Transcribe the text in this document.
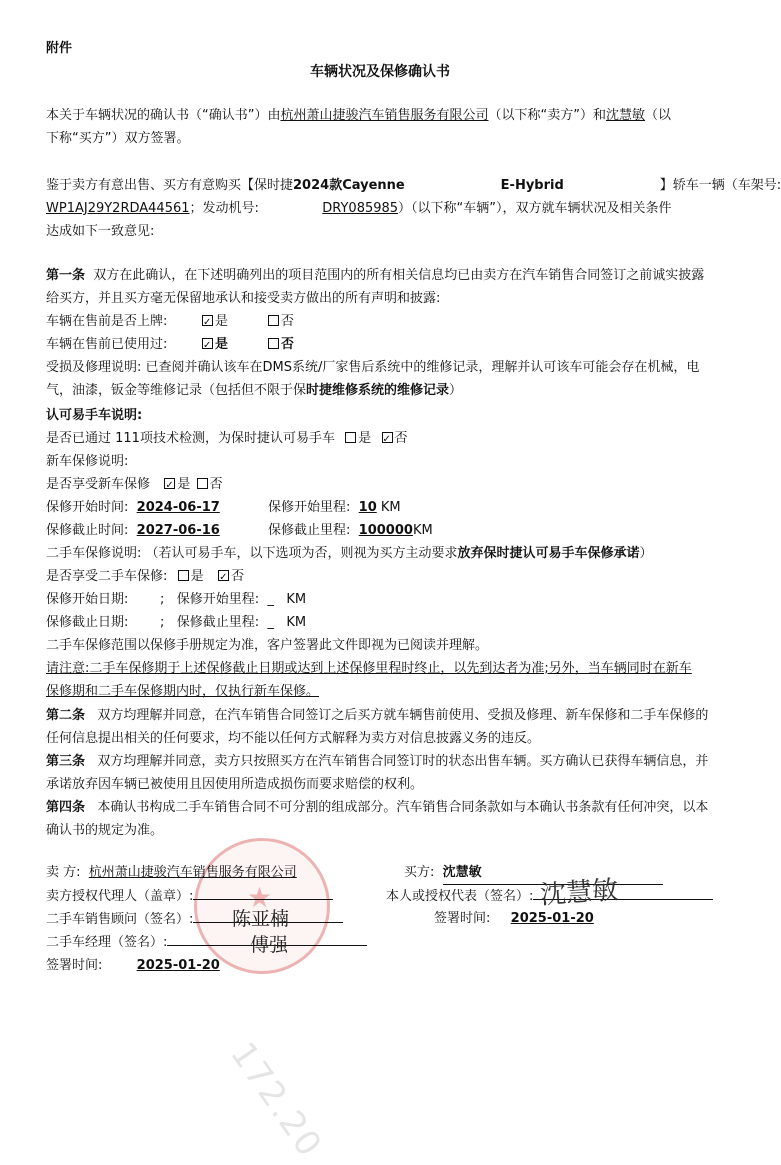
附件
车辆状况及保修确认书
本关于车辆状况的确认书（“确认书”）由杭州萧山捷骏汽车销售服务有限公司（以下称“卖方”）和沈慧敏（以
下称“买方”）双方签署。
鉴于卖方有意出售、买方有意购买【保时捷2024款Cayenne	E-Hybrid	】轿车一辆（车架号:
WP1AJ29Y2RDA44561；发动机号:	DRY085985）（以下称“车辆”），双方就车辆状况及相关条件
达成如下一致意见:
第一条 双方在此确认，在下述明确列出的项目范围内的所有相关信息均已由卖方在汽车销售合同签订之前诚实披露
给买方，并且买方毫无保留地承认和接受卖方做出的所有声明和披露:
车辆在售前是否上牌: ✓	是	否
车辆在售前已使用过: ✓	是	否
受损及修理说明: 已查阅并确认该车在DMS系统/厂家售后系统中的维修记录，理解并认可该车可能会存在机械，电
气，油漆，钣金等维修记录（包括但不限于保时捷维修系统的维修记录）
认可易手车说明:
是否已通过 111项技术检测，为保时捷认可易手车 是 ✓ 否
新车保修说明:
是否享受新车保修 ✓ 是 否
保修开始时间: 2024-06-17	保修开始里程: 10 KM
保修截止时间: 2027-06-16	保修截止里程: 100000KM
二手车保修说明: （若认可易手车，以下选项为否，则视为买方主动要求放弃保时捷认可易手车保修承诺）
是否享受二手车保修: 是 ✓ 否
保修开始日期: ; 保修开始里程: _ KM
保修截止日期: ; 保修截止里程: _ KM
二手车保修范围以保修手册规定为准，客户签署此文件即视为已阅读并理解。
请注意:二手车保修期于上述保修截止日期或达到上述保修里程时终止，以先到达者为准;另外，当车辆同时在新车
保修期和二手车保修期内时，仅执行新车保修。
第二条 双方均理解并同意，在汽车销售合同签订之后买方就车辆售前使用、受损及修理、新车保修和二手车保修的
任何信息提出相关的任何要求，均不能以任何方式解释为卖方对信息披露义务的违反。
第三条 双方均理解并同意，卖方只按照买方在汽车销售合同签订时的状态出售车辆。买方确认已获得车辆信息，并
承诺放弃因车辆已被使用且因使用所造成损伤而要求赔偿的权利。
第四条 本确认书构成二手车销售合同不可分割的组成部分。汽车销售合同条款如与本确认书条款有任何冲突，以本
确认书的规定为准。
★
卖 方: 杭州萧山捷骏汽车销售服务有限公司	买方: 沈慧敏
卖方授权代理人（盖章）:	本人或授权代表（签名）: 沈慧敏
二手车销售顾问（签名）:	陈亚楠	签署时间: 2025-01-20
二手车经理（签名）:	傅强
签署时间:	2025-01-20
172.20
